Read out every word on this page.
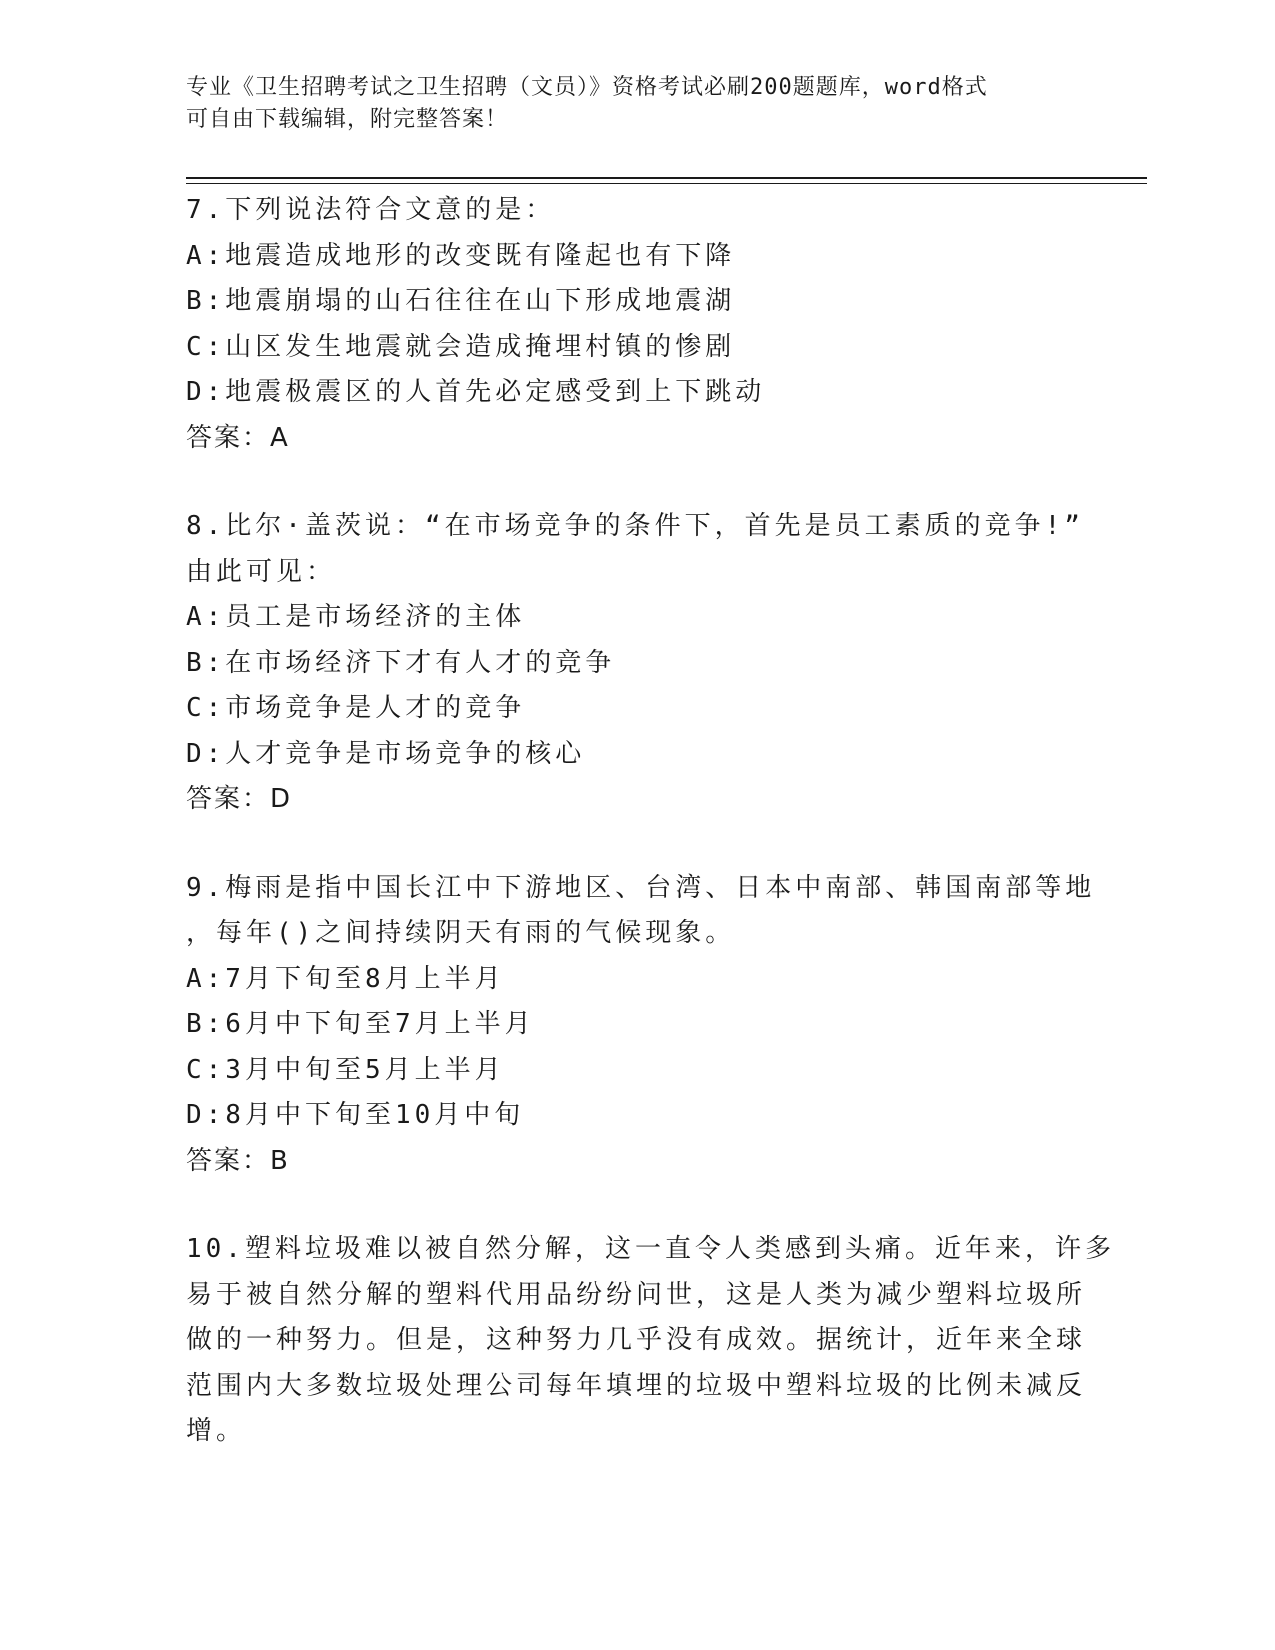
专业《卫生招聘考试之卫生招聘（文员）》资格考试必刷200题题库，word格式
可自由下载编辑，附完整答案！
7.下列说法符合文意的是：
A:地震造成地形的改变既有隆起也有下降
B:地震崩塌的山石往往在山下形成地震湖
C:山区发生地震就会造成掩埋村镇的惨剧
D:地震极震区的人首先必定感受到上下跳动
答案：A
8.比尔·盖茨说：“在市场竞争的条件下，首先是员工素质的竞争!”
由此可见：
A:员工是市场经济的主体
B:在市场经济下才有人才的竞争
C:市场竞争是人才的竞争
D:人才竞争是市场竞争的核心
答案：D
9.梅雨是指中国长江中下游地区、台湾、日本中南部、韩国南部等地
，每年()之间持续阴天有雨的气候现象。
A:7月下旬至8月上半月
B:6月中下旬至7月上半月
C:3月中旬至5月上半月
D:8月中下旬至10月中旬
答案：B
10.塑料垃圾难以被自然分解，这一直令人类感到头痛。近年来，许多
易于被自然分解的塑料代用品纷纷问世，这是人类为减少塑料垃圾所
做的一种努力。但是，这种努力几乎没有成效。据统计，近年来全球
范围内大多数垃圾处理公司每年填埋的垃圾中塑料垃圾的比例未减反
增。
